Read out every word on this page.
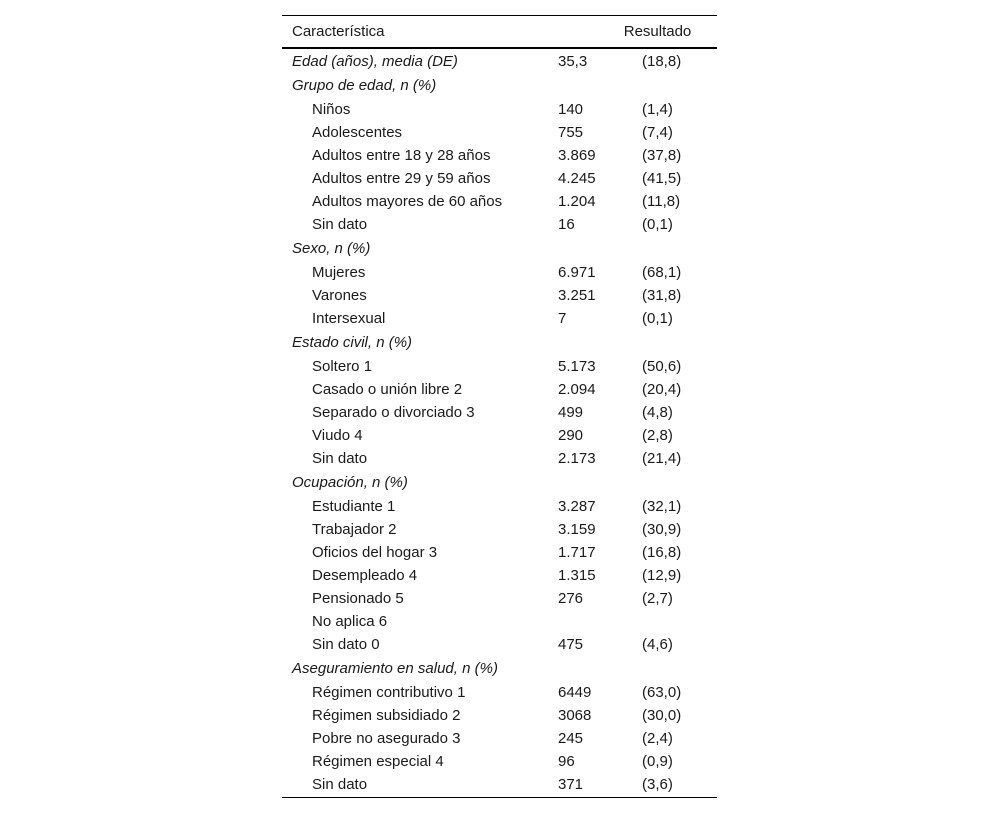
Característica	Resultado	
Edad (años), media (DE)	35,3	(18,8)
Grupo de edad, n (%)		
Niños	140	(1,4)
Adolescentes	755	(7,4)
Adultos entre 18 y 28 años	3.869	(37,8)
Adultos entre 29 y 59 años	4.245	(41,5)
Adultos mayores de 60 años	1.204	(11,8)
Sin dato	16	(0,1)
Sexo, n (%)		
Mujeres	6.971	(68,1)
Varones	3.251	(31,8)
Intersexual	7	(0,1)
Estado civil, n (%)		
Soltero 1	5.173	(50,6)
Casado o unión libre 2	2.094	(20,4)
Separado o divorciado 3	499	(4,8)
Viudo 4	290	(2,8)
Sin dato	2.173	(21,4)
Ocupación, n (%)		
Estudiante 1	3.287	(32,1)
Trabajador 2	3.159	(30,9)
Oficios del hogar 3	1.717	(16,8)
Desempleado 4	1.315	(12,9)
Pensionado 5	276	(2,7)
No aplica 6		
Sin dato 0	475	(4,6)
Aseguramiento en salud, n (%)		
Régimen contributivo 1	6449	(63,0)
Régimen subsidiado 2	3068	(30,0)
Pobre no asegurado 3	245	(2,4)
Régimen especial 4	96	(0,9)
Sin dato	371	(3,6)
